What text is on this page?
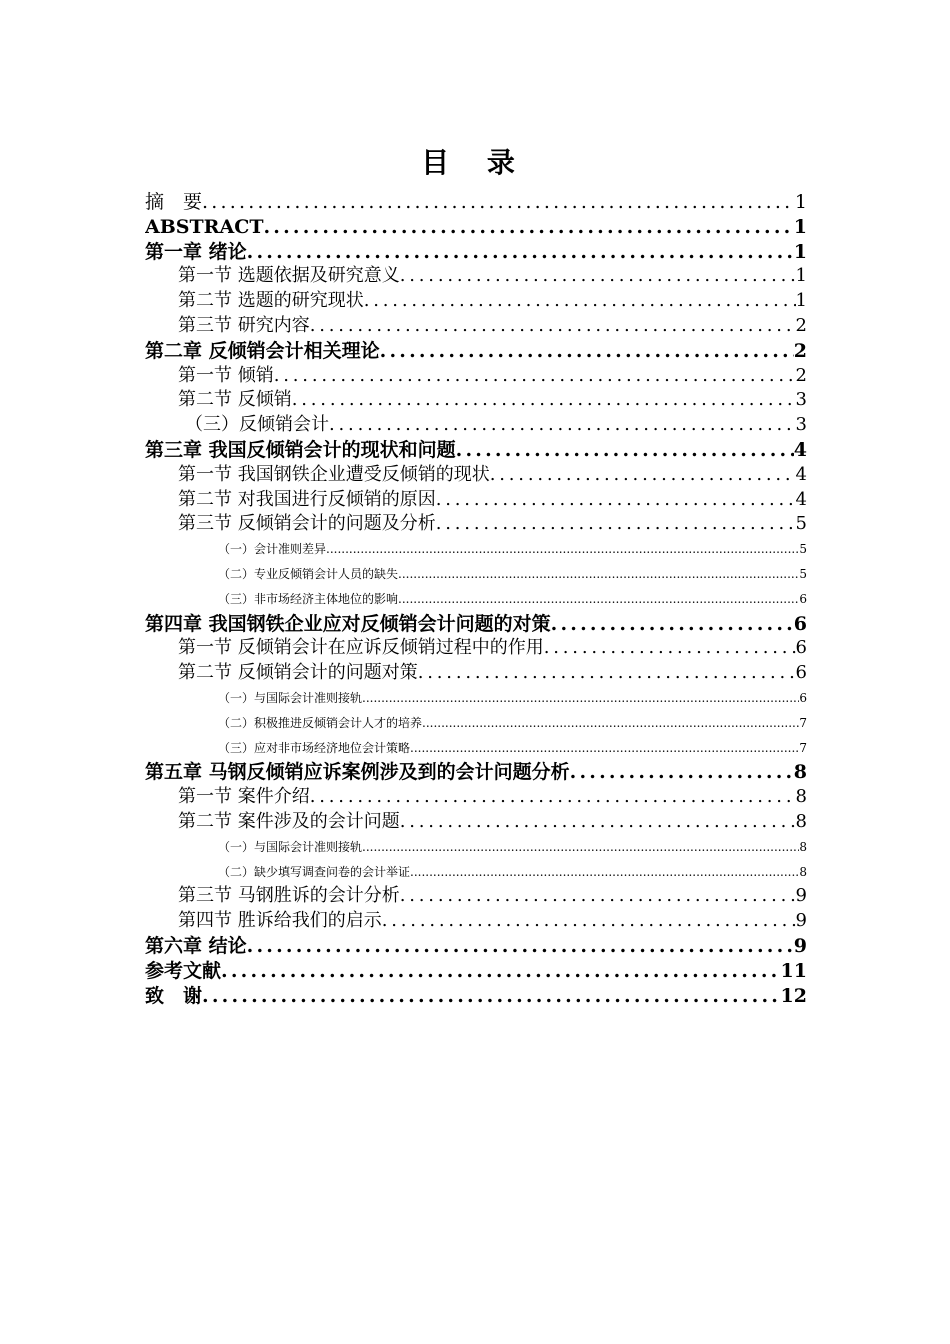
目 录
摘　要 .....	1
ABSTRACT .....	1
第一章 绪论 .....	1
第一节 选题依据及研究意义 .....	1
第二节 选题的研究现状 .....	1
第三节 研究内容 .....	2
第二章 反倾销会计相关理论 .....	2
第一节 倾销 .....	2
第二节 反倾销 .....	3
（三）反倾销会计 .....	3
第三章 我国反倾销会计的现状和问题 .....	4
第一节 我国钢铁企业遭受反倾销的现状 .....	4
第二节 对我国进行反倾销的原因 .....	4
第三节 反倾销会计的问题及分析 .....	5
（一）会计准则差异 .....	5
（二）专业反倾销会计人员的缺失 .....	5
（三）非市场经济主体地位的影响 .....	6
第四章 我国钢铁企业应对反倾销会计问题的对策 .....	6
第一节 反倾销会计在应诉反倾销过程中的作用 .....	6
第二节 反倾销会计的问题对策 .....	6
（一）与国际会计准则接轨 .....	6
（二）积极推进反倾销会计人才的培养 .....	7
（三）应对非市场经济地位会计策略 .....	7
第五章 马钢反倾销应诉案例涉及到的会计问题分析 .....	8
第一节 案件介绍 .....	8
第二节 案件涉及的会计问题 .....	8
（一）与国际会计准则接轨 .....	8
（二）缺少填写调查问卷的会计举证 .....	8
第三节 马钢胜诉的会计分析 .....	9
第四节 胜诉给我们的启示 .....	9
第六章 结论 .....	9
参考文献 .....	11
致　谢 .....	12
